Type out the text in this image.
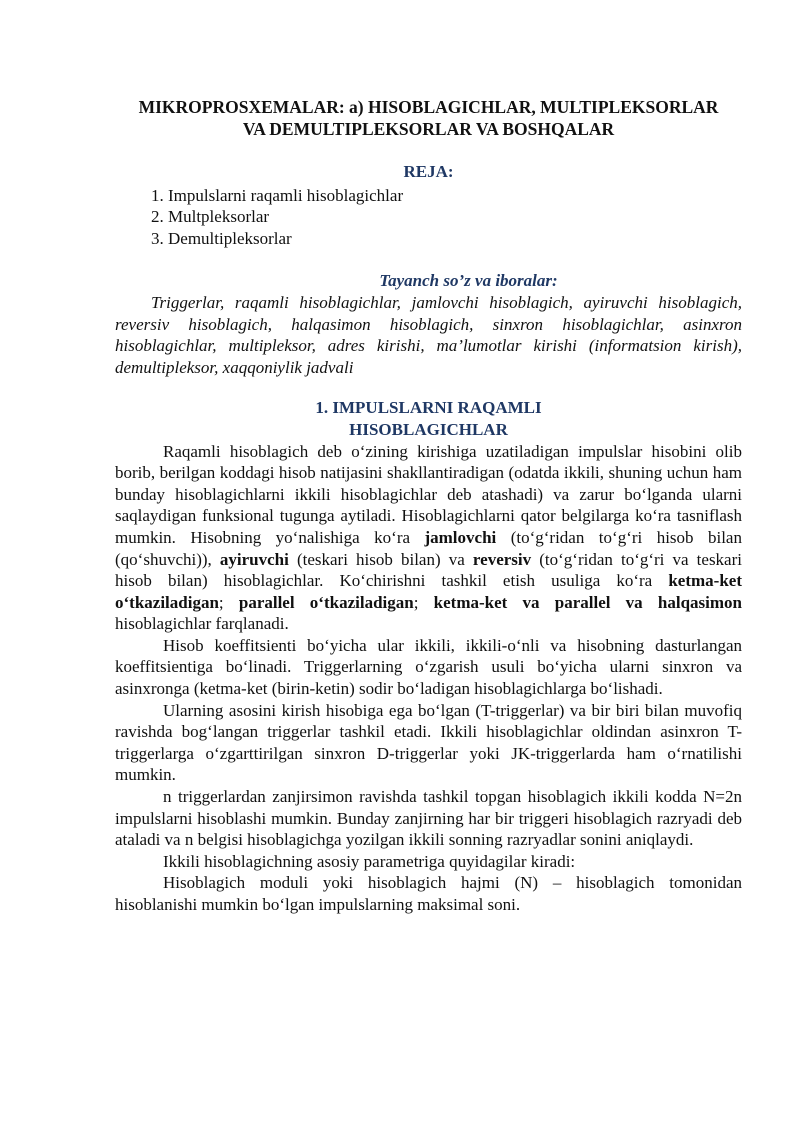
MIKROPROSXEMALAR: a) HISOBLAGICHLAR, MULTIPLEKSORLAR
VA DEMULTIPLEKSORLAR VA BOSHQALAR
REJA:
1. Impulslarni raqamli hisoblagichlar
2. Multpleksorlar
3. Demultipleksorlar
Tayanch so’z va iboralar:
Triggerlar, raqamli hisoblagichlar, jamlovchi hisoblagich, ayiruvchi hisoblagich, reversiv hisoblagich, halqasimon hisoblagich, sinxron hisoblagichlar, asinxron hisoblagichlar, multipleksor, adres kirishi, ma’lumotlar kirishi (informatsion kirish), demultipleksor, xaqqoniylik jadvali
1. IMPULSLARNI RAQAMLI
HISOBLAGICHLAR

Raqamli hisoblagich deb oʻzining kirishiga uzatiladigan impulslar hisobini olib borib, berilgan koddagi hisob natijasini shakllantiradigan (odatda ikkili, shuning uchun ham bunday hisoblagichlarni ikkili hisoblagichlar deb atashadi) va zarur boʻlganda ularni saqlaydigan funksional tugunga aytiladi. Hisoblagichlarni qator belgilarga koʻra tasniflash mumkin. Hisobning yoʻnalishiga koʻra jamlovchi (toʻgʻridan toʻgʻri hisob bilan (qoʻshuvchi)), ayiruvchi (teskari hisob bilan) va reversiv (toʻgʻridan toʻgʻri va teskari hisob bilan) hisoblagichlar. Koʻchirishni tashkil etish usuliga koʻra ketma-ket oʻtkaziladigan; parallel oʻtkaziladigan; ketma-ket va parallel va halqasimon hisoblagichlar farqlanadi.

Hisob koeffitsienti boʻyicha ular ikkili, ikkili-oʻnli va hisobning dasturlangan koeffitsientiga boʻlinadi. Triggerlarning oʻzgarish usuli boʻyicha ularni sinxron va asinxronga (ketma-ket (birin-ketin) sodir boʻladigan hisoblagichlarga boʻlishadi.

Ularning asosini kirish hisobiga ega boʻlgan (T-triggerlar) va bir biri bilan muvofiq ravishda bogʻlangan triggerlar tashkil etadi. Ikkili hisoblagichlar oldindan asinxron T-triggerlarga oʻzgarttirilgan sinxron D-triggerlar yoki JK-triggerlarda ham oʻrnatilishi mumkin.

n triggerlardan zanjirsimon ravishda tashkil topgan hisoblagich ikkili kodda N=2n impulslarni hisoblashi mumkin. Bunday zanjirning har bir triggeri hisoblagich razryadi deb ataladi va n belgisi hisoblagichga yozilgan ikkili sonning razryadlar sonini aniqlaydi.

Ikkili hisoblagichning asosiy parametriga quyidagilar kiradi:

Hisoblagich moduli yoki hisoblagich hajmi (N) – hisoblagich tomonidan hisoblanishi mumkin boʻlgan impulslarning maksimal soni.
